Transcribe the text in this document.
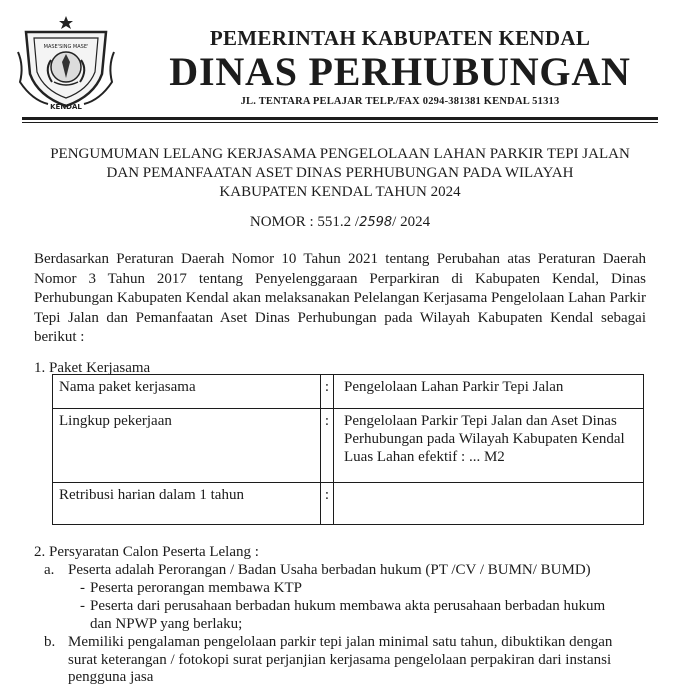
MASE'SING MASE'
KENDAL
PEMERINTAH KABUPATEN KENDAL
DINAS PERHUBUNGAN
JL. TENTARA PELAJAR TELP./FAX 0294-381381 KENDAL 51313
PENGUMUMAN LELANG KERJASAMA PENGELOLAAN LAHAN PARKIR TEPI JALAN
DAN PEMANFAATAN ASET DINAS PERHUBUNGAN PADA WILAYAH
KABUPATEN KENDAL TAHUN 2024
NOMOR : 551.2 /2598/ 2024
Berdasarkan Peraturan Daerah Nomor 10 Tahun 2021 tentang Perubahan atas Peraturan Daerah Nomor 3 Tahun 2017 tentang Penyelenggaraan Perparkiran di Kabupaten Kendal, Dinas Perhubungan Kabupaten Kendal akan melaksanakan Pelelangan Kerjasama Pengelolaan Lahan Parkir Tepi Jalan dan Pemanfaatan Aset Dinas Perhubungan pada Wilayah Kabupaten Kendal sebagai berikut :
1. Paket Kerjasama
Nama paket kerjasama	:	Pengelolaan Lahan Parkir Tepi Jalan

Lingkup pekerjaan	:	Pengelolaan Parkir Tepi Jalan dan Aset Dinas
Perhubungan pada Wilayah Kabupaten Kendal
Luas Lahan efektif : ... M2

Retribusi harian dalam 1 tahun	:	
2. Persyaratan Calon Peserta Lelang :
a. Peserta adalah Perorangan / Badan Usaha berbadan hukum (PT /CV / BUMN/ BUMD)
- Peserta perorangan membawa KTP
- Peserta dari perusahaan berbadan hukum membawa akta perusahaan berbadan hukum
dan NPWP yang berlaku;
b. Memiliki pengalaman pengelolaan parkir tepi jalan minimal satu tahun, dibuktikan dengan
surat keterangan / fotokopi surat perjanjian kerjasama pengelolaan perpakiran dari instansi
pengguna jasa
